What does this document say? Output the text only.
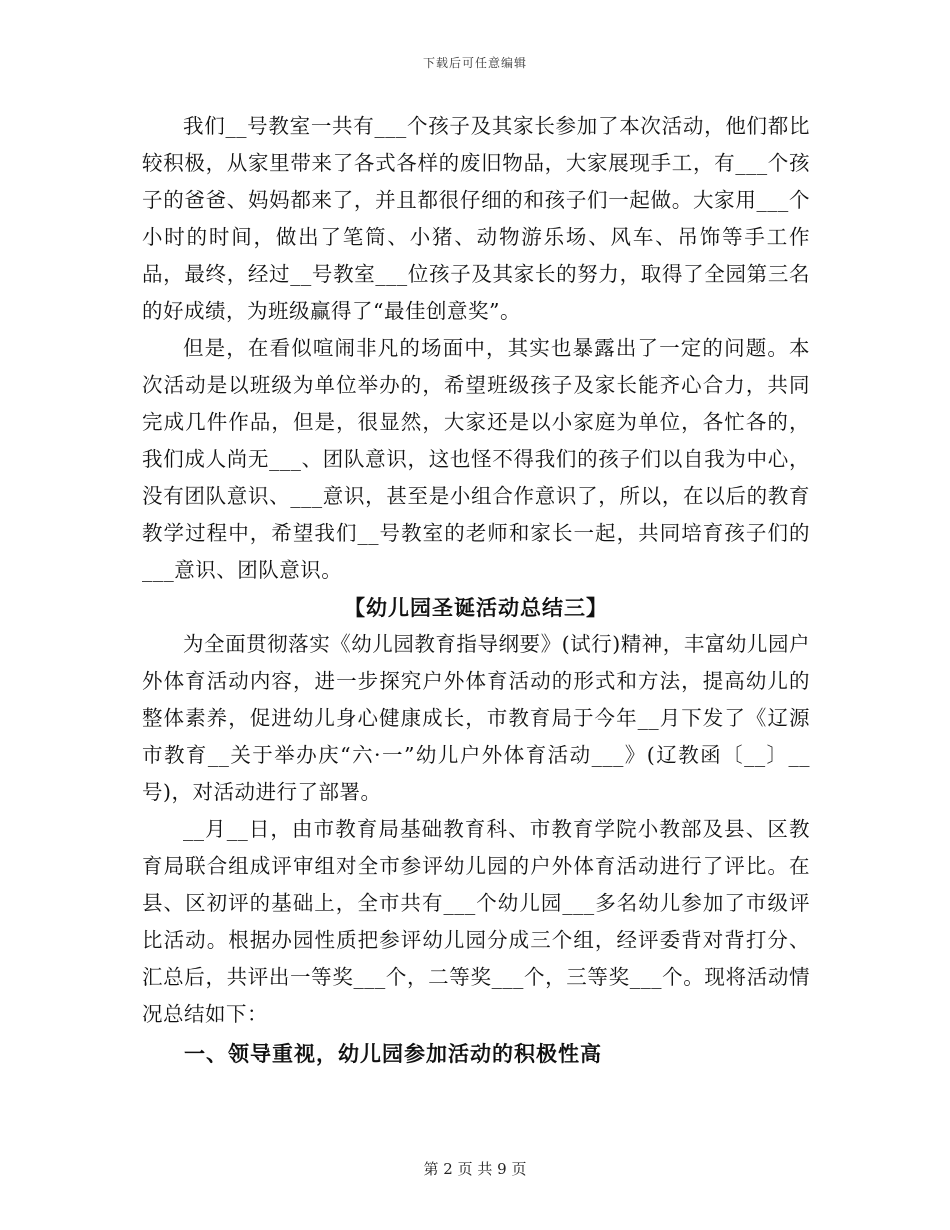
下载后可任意编辑

我们__号教室一共有___个孩子及其家长参加了本次活动，他们都比较积极，从家里带来了各式各样的废旧物品，大家展现手工，有___个孩子的爸爸、妈妈都来了，并且都很仔细的和孩子们一起做。大家用___个小时的时间，做出了笔筒、小猪、动物游乐场、风车、吊饰等手工作品，最终，经过__号教室___位孩子及其家长的努力，取得了全园第三名的好成绩，为班级赢得了“最佳创意奖”。

但是，在看似喧闹非凡的场面中，其实也暴露出了一定的问题。本次活动是以班级为单位举办的，希望班级孩子及家长能齐心合力，共同完成几件作品，但是，很显然，大家还是以小家庭为单位，各忙各的，我们成人尚无___、团队意识，这也怪不得我们的孩子们以自我为中心，没有团队意识、___意识，甚至是小组合作意识了，所以，在以后的教育教学过程中，希望我们__号教室的老师和家长一起，共同培育孩子们的___意识、团队意识。

【幼儿园圣诞活动总结三】

为全面贯彻落实《幼儿园教育指导纲要》(试行)精神，丰富幼儿园户外体育活动内容，进一步探究户外体育活动的形式和方法，提高幼儿的整体素养，促进幼儿身心健康成长，市教育局于今年__月下发了《辽源市教育__关于举办庆“六·一”幼儿户外体育活动___》(辽教函〔__〕__号)，对活动进行了部署。

__月__日，由市教育局基础教育科、市教育学院小教部及县、区教育局联合组成评审组对全市参评幼儿园的户外体育活动进行了评比。在县、区初评的基础上，全市共有___个幼儿园___多名幼儿参加了市级评比活动。根据办园性质把参评幼儿园分成三个组，经评委背对背打分、汇总后，共评出一等奖___个，二等奖___个，三等奖___个。现将活动情况总结如下：

一、领导重视，幼儿园参加活动的积极性高
第 2 页 共 9 页
